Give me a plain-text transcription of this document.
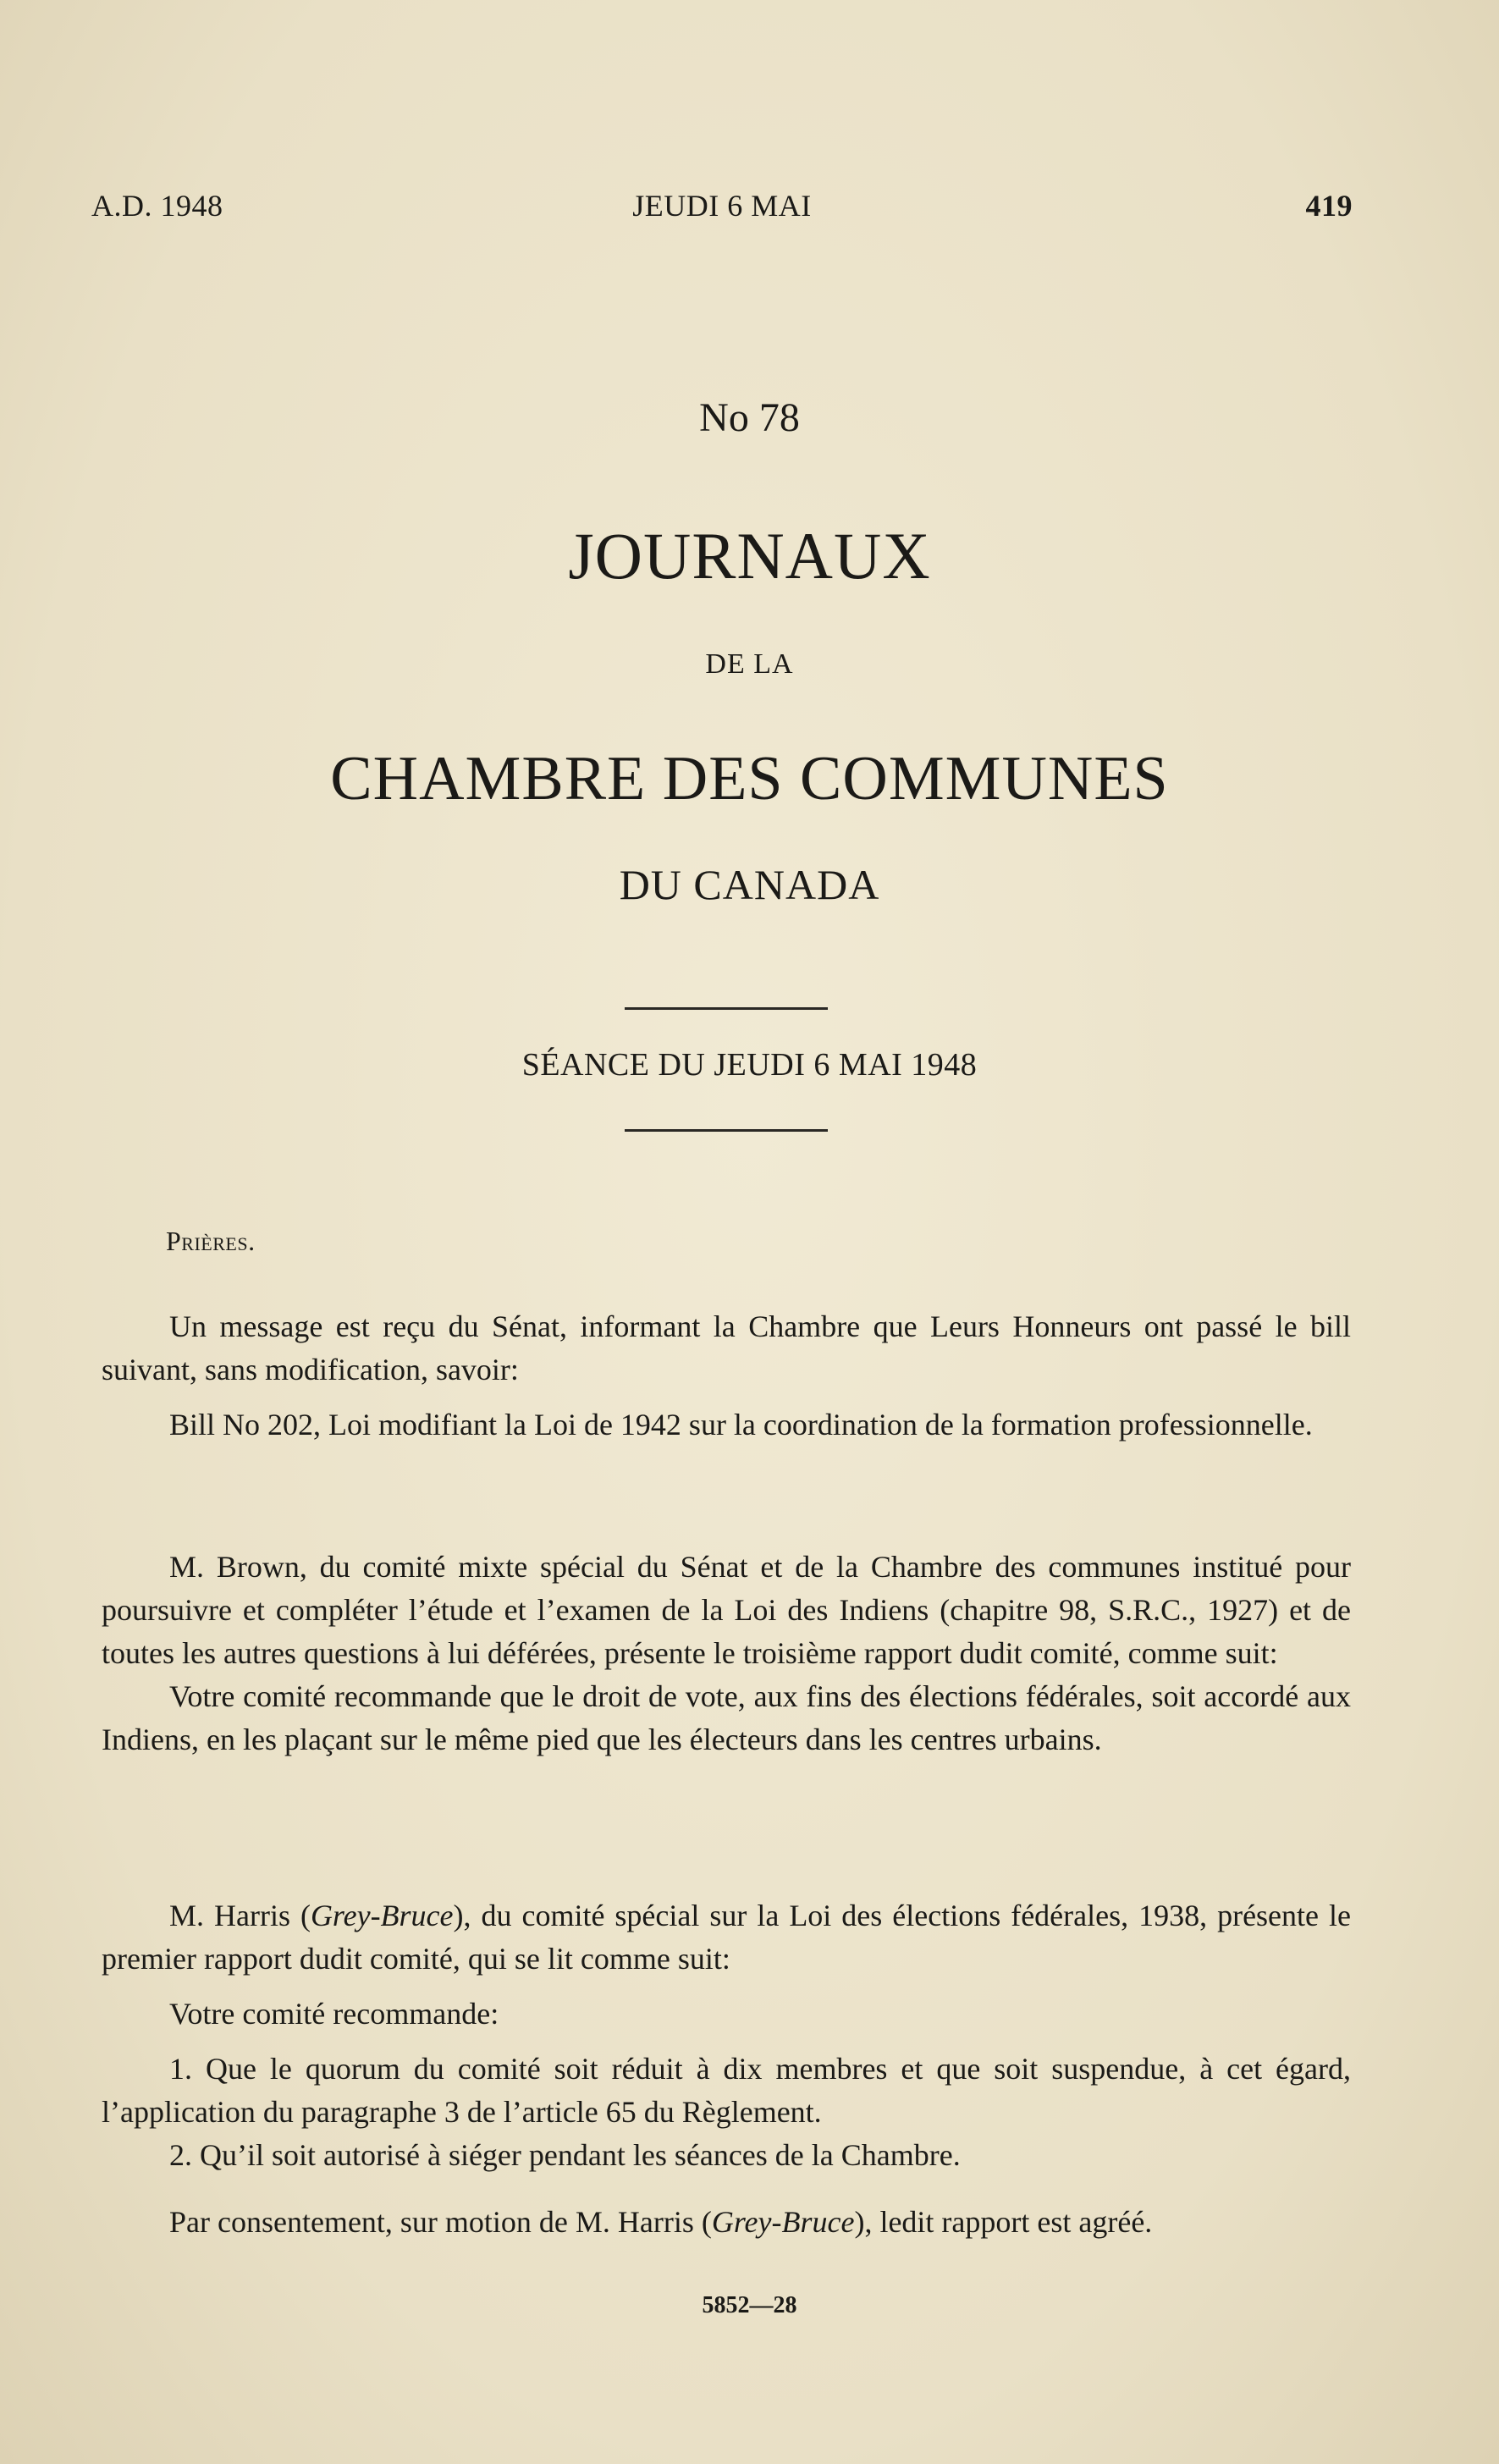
A.D. 1948	JEUDI 6 MAI	419
No 78
JOURNAUX
DE LA
CHAMBRE DES COMMUNES
DU CANADA
SÉANCE DU JEUDI 6 MAI 1948
Prières.

Un message est reçu du Sénat, informant la Chambre que Leurs Honneurs ont passé le bill suivant, sans modification, savoir:

Bill No 202, Loi modifiant la Loi de 1942 sur la coordination de la formation professionnelle.

M. Brown, du comité mixte spécial du Sénat et de la Chambre des communes institué pour poursuivre et compléter l’étude et l’examen de la Loi des Indiens (chapitre 98, S.R.C., 1927) et de toutes les autres questions à lui déférées, présente le troisième rapport dudit comité, comme suit:

Votre comité recommande que le droit de vote, aux fins des élections fédérales, soit accordé aux Indiens, en les plaçant sur le même pied que les électeurs dans les centres urbains.

M. Harris (Grey-Bruce), du comité spécial sur la Loi des élections fédérales, 1938, présente le premier rapport dudit comité, qui se lit comme suit:

Votre comité recommande:

1. Que le quorum du comité soit réduit à dix membres et que soit suspendue, à cet égard, l’application du paragraphe 3 de l’article 65 du Règlement.

2. Qu’il soit autorisé à siéger pendant les séances de la Chambre.

Par consentement, sur motion de M. Harris (Grey-Bruce), ledit rapport est agréé.

5852—28
